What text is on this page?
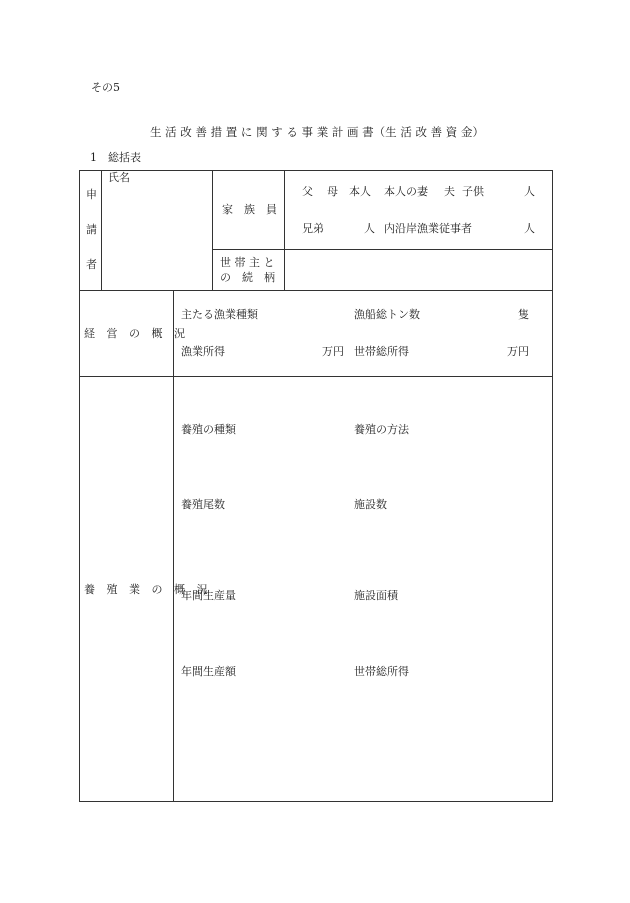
その5
生 活 改 善 措 置 に 関 す る 事 業 計 画 書（生 活 改 善 資 金）
1　総括表
申
請
者
氏名
家　族　員
父 母 本人 本人の妻 夫 子供	人
兄弟	人 内沿岸漁業従事者	人
世 帯 主 と
の　続　柄
経 営 の 概 況
主たる漁業種類	漁船総トン数	隻
漁業所得	万円 世帯総所得	万円
養 殖 業 の 概 況
養殖の種類	養殖の方法
養殖尾数	施設数
年間生産量	施設面積
年間生産額	世帯総所得
